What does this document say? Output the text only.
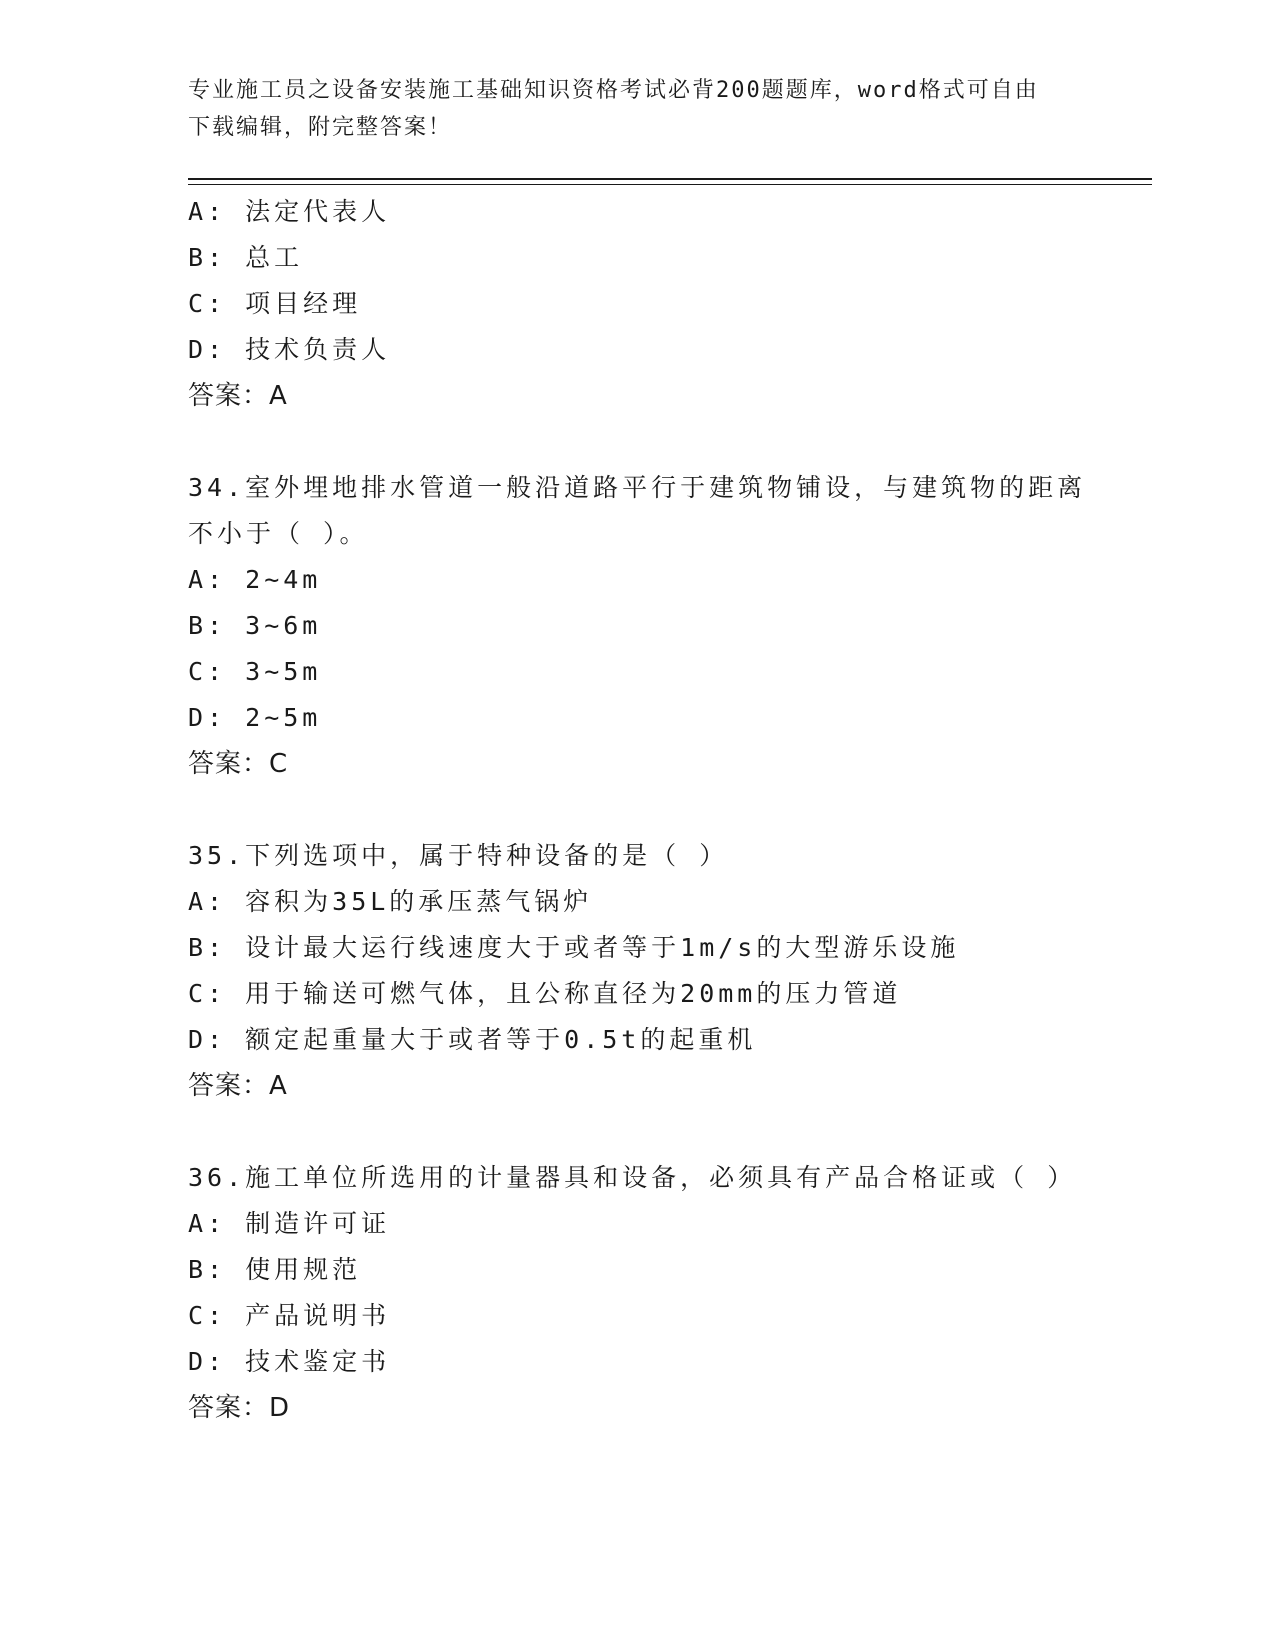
专业施工员之设备安装施工基础知识资格考试必背200题题库，word格式可自由
下载编辑，附完整答案！
A: 法定代表人
B: 总工
C: 项目经理
D: 技术负责人
答案：A
34.室外埋地排水管道一般沿道路平行于建筑物铺设，与建筑物的距离
不小于（ ）。
A: 2~4m
B: 3~6m
C: 3~5m
D: 2~5m
答案：C
35.下列选项中，属于特种设备的是（ ）
A: 容积为35L的承压蒸气锅炉
B: 设计最大运行线速度大于或者等于1m/s的大型游乐设施
C: 用于输送可燃气体，且公称直径为20mm的压力管道
D: 额定起重量大于或者等于0.5t的起重机
答案：A
36.施工单位所选用的计量器具和设备，必须具有产品合格证或（ ）
A: 制造许可证
B: 使用规范
C: 产品说明书
D: 技术鉴定书
答案：D
